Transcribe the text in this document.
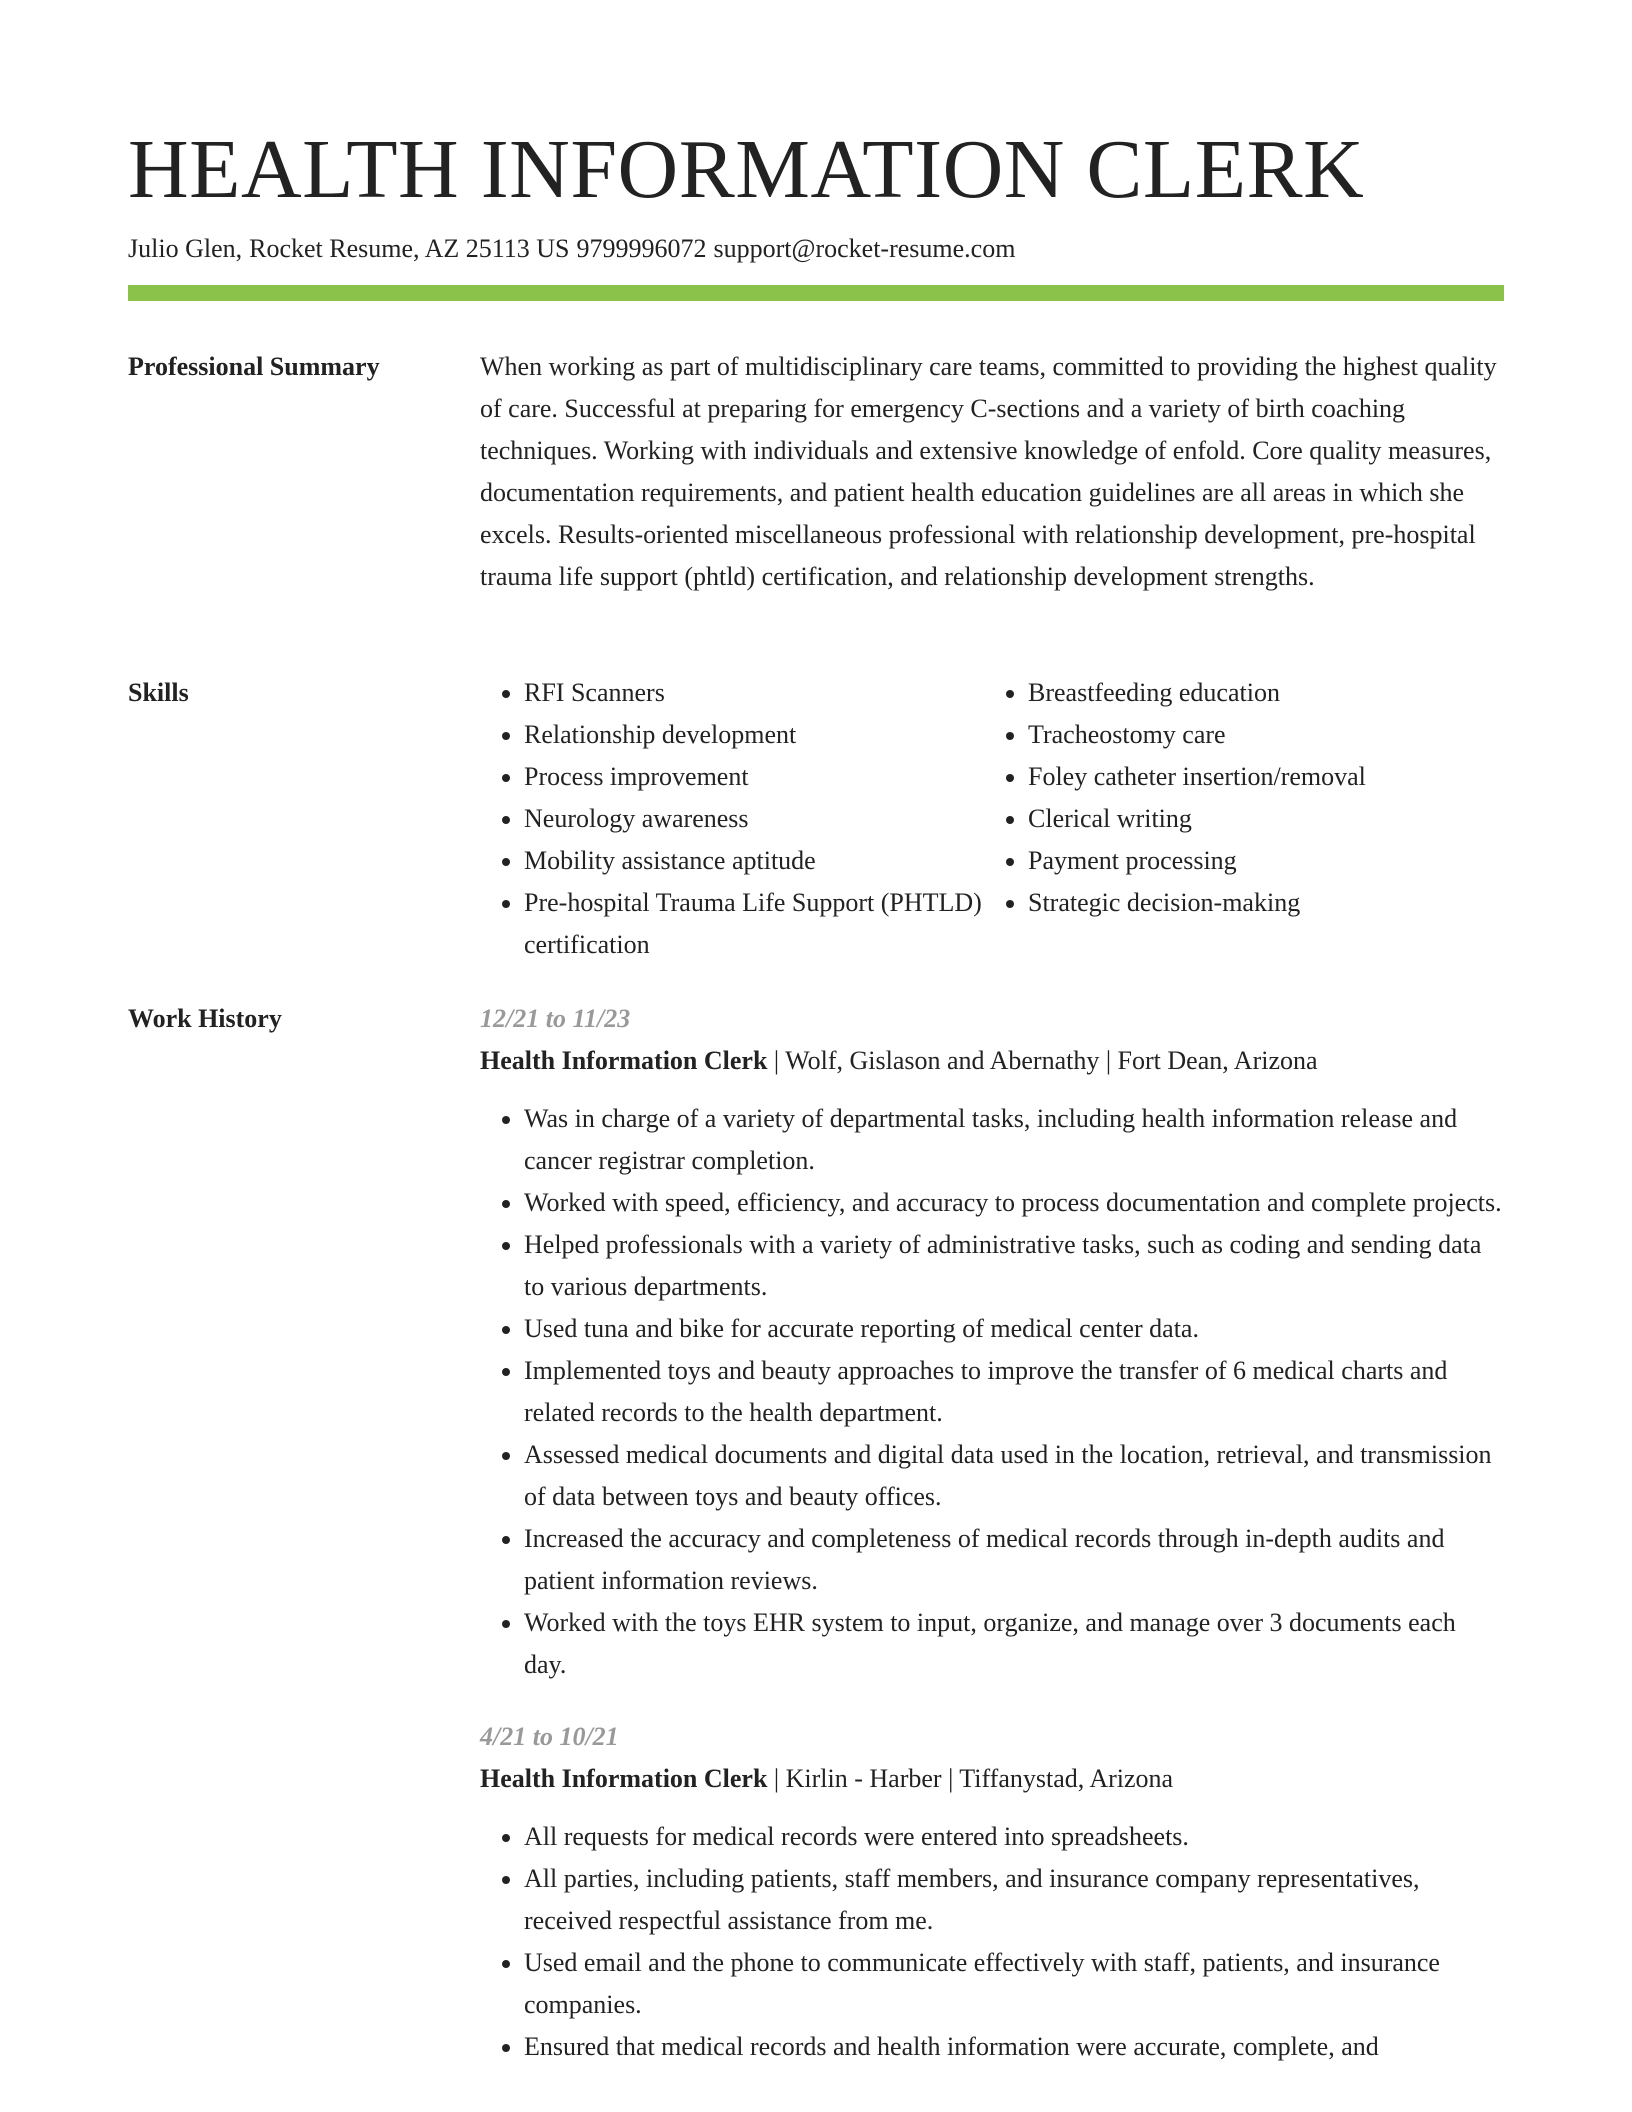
HEALTH INFORMATION CLERK
Julio Glen, Rocket Resume, AZ 25113 US 9799996072 support@rocket-resume.com
Professional Summary	When working as part of multidisciplinary care teams, committed to providing the highest quality of care. Successful at preparing for emergency C-sections and a variety of birth coaching techniques. Working with individuals and extensive knowledge of enfold. Core quality measures, documentation requirements, and patient health education guidelines are all areas in which she excels. Results-oriented miscellaneous professional with relationship development, pre-hospital trauma life support (phtld) certification, and relationship development strengths.

Skills
•	RFI Scanners
• Relationship development
• Process improvement
• Neurology awareness
• Mobility assistance aptitude
• Pre-hospital Trauma Life Support (PHTLD) certification
• Breastfeeding education
• Tracheostomy care
• Foley catheter insertion/removal
• Clerical writing
• Payment processing
• Strategic decision-making
Work History	12/21 to 11/23

Health Information Clerk | Wolf, Gislason and Abernathy | Fort Dean, Arizona

• Was in charge of a variety of departmental tasks, including health information release and cancer registrar completion.
• Worked with speed, efficiency, and accuracy to process documentation and complete projects.
• Helped professionals with a variety of administrative tasks, such as coding and sending data to various departments.
• Used tuna and bike for accurate reporting of medical center data.
• Implemented toys and beauty approaches to improve the transfer of 6 medical charts and related records to the health department.
• Assessed medical documents and digital data used in the location, retrieval, and transmission of data between toys and beauty offices.
• Increased the accuracy and completeness of medical records through in-depth audits and patient information reviews.
• Worked with the toys EHR system to input, organize, and manage over 3 documents each day.

4/21 to 10/21

Health Information Clerk | Kirlin - Harber | Tiffanystad, Arizona

• All requests for medical records were entered into spreadsheets.
• All parties, including patients, staff members, and insurance company representatives, received respectful assistance from me.
• Used email and the phone to communicate effectively with staff, patients, and insurance companies.
• Ensured that medical records and health information were accurate, complete, and
